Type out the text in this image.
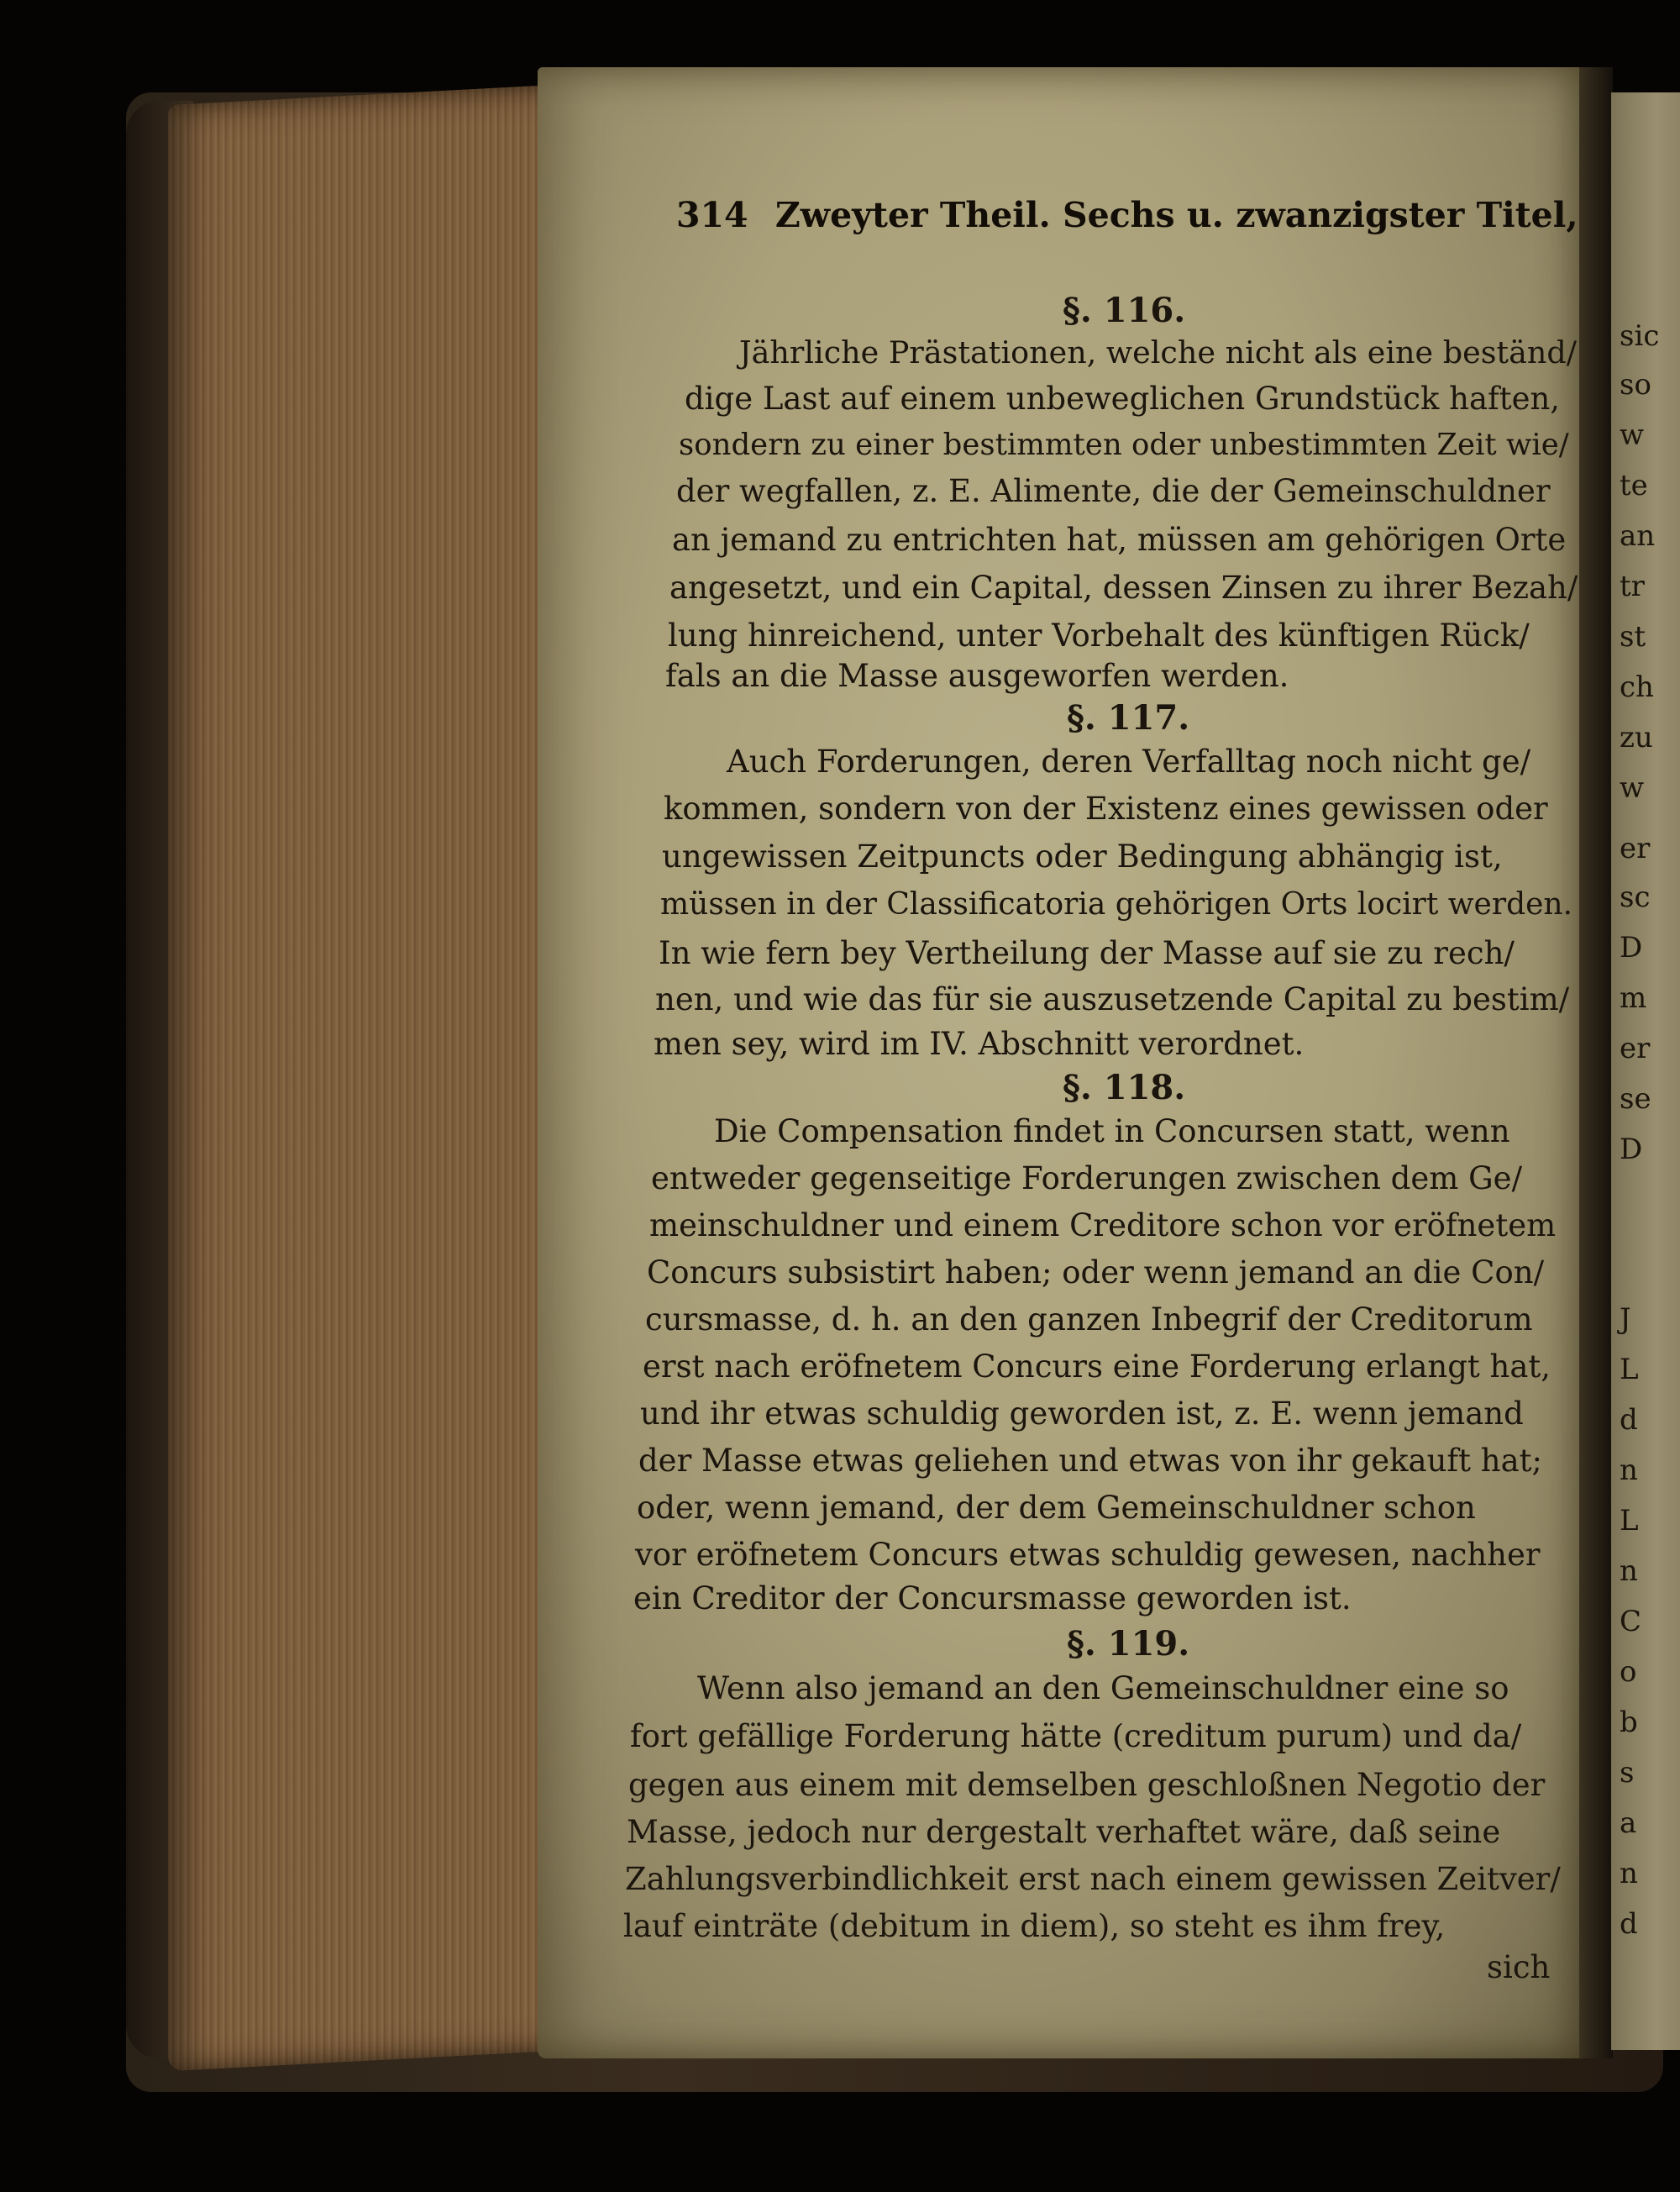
sic
so
w
te
an
tr
st
ch
zu
w
er
sc
D
m
er
se
D
J
L
d
n
L
n
C
o
b
s
a
n
d
314 Zweyter Theil. Sechs u. zwanzigster Titel,
§. 116.
Jährliche Prästationen, welche nicht als eine beständ/
dige Last auf einem unbeweglichen Grundstück haften,
sondern zu einer bestimmten oder unbestimmten Zeit wie/
der wegfallen, z. E. Alimente, die der Gemeinschuldner
an jemand zu entrichten hat, müssen am gehörigen Orte
angesetzt, und ein Capital, dessen Zinsen zu ihrer Bezah/
lung hinreichend, unter Vorbehalt des künftigen Rück/
fals an die Masse ausgeworfen werden.
§. 117.
Auch Forderungen, deren Verfalltag noch nicht ge/
kommen, sondern von der Existenz eines gewissen oder
ungewissen Zeitpuncts oder Bedingung abhängig ist,
müssen in der Classificatoria gehörigen Orts locirt werden.
In wie fern bey Vertheilung der Masse auf sie zu rech/
nen, und wie das für sie auszusetzende Capital zu bestim/
men sey, wird im IV. Abschnitt verordnet.
§. 118.
Die Compensation findet in Concursen statt, wenn
entweder gegenseitige Forderungen zwischen dem Ge/
meinschuldner und einem Creditore schon vor eröfnetem
Concurs subsistirt haben; oder wenn jemand an die Con/
cursmasse, d. h. an den ganzen Inbegrif der Creditorum
erst nach eröfnetem Concurs eine Forderung erlangt hat,
und ihr etwas schuldig geworden ist, z. E. wenn jemand
der Masse etwas geliehen und etwas von ihr gekauft hat;
oder, wenn jemand, der dem Gemeinschuldner schon
vor eröfnetem Concurs etwas schuldig gewesen, nachher
ein Creditor der Concursmasse geworden ist.
§. 119.
Wenn also jemand an den Gemeinschuldner eine so
fort gefällige Forderung hätte (creditum purum) und da/
gegen aus einem mit demselben geschloßnen Negotio der
Masse, jedoch nur dergestalt verhaftet wäre, daß seine
Zahlungsverbindlichkeit erst nach einem gewissen Zeitver/
lauf einträte (debitum in diem), so steht es ihm frey,
sich
